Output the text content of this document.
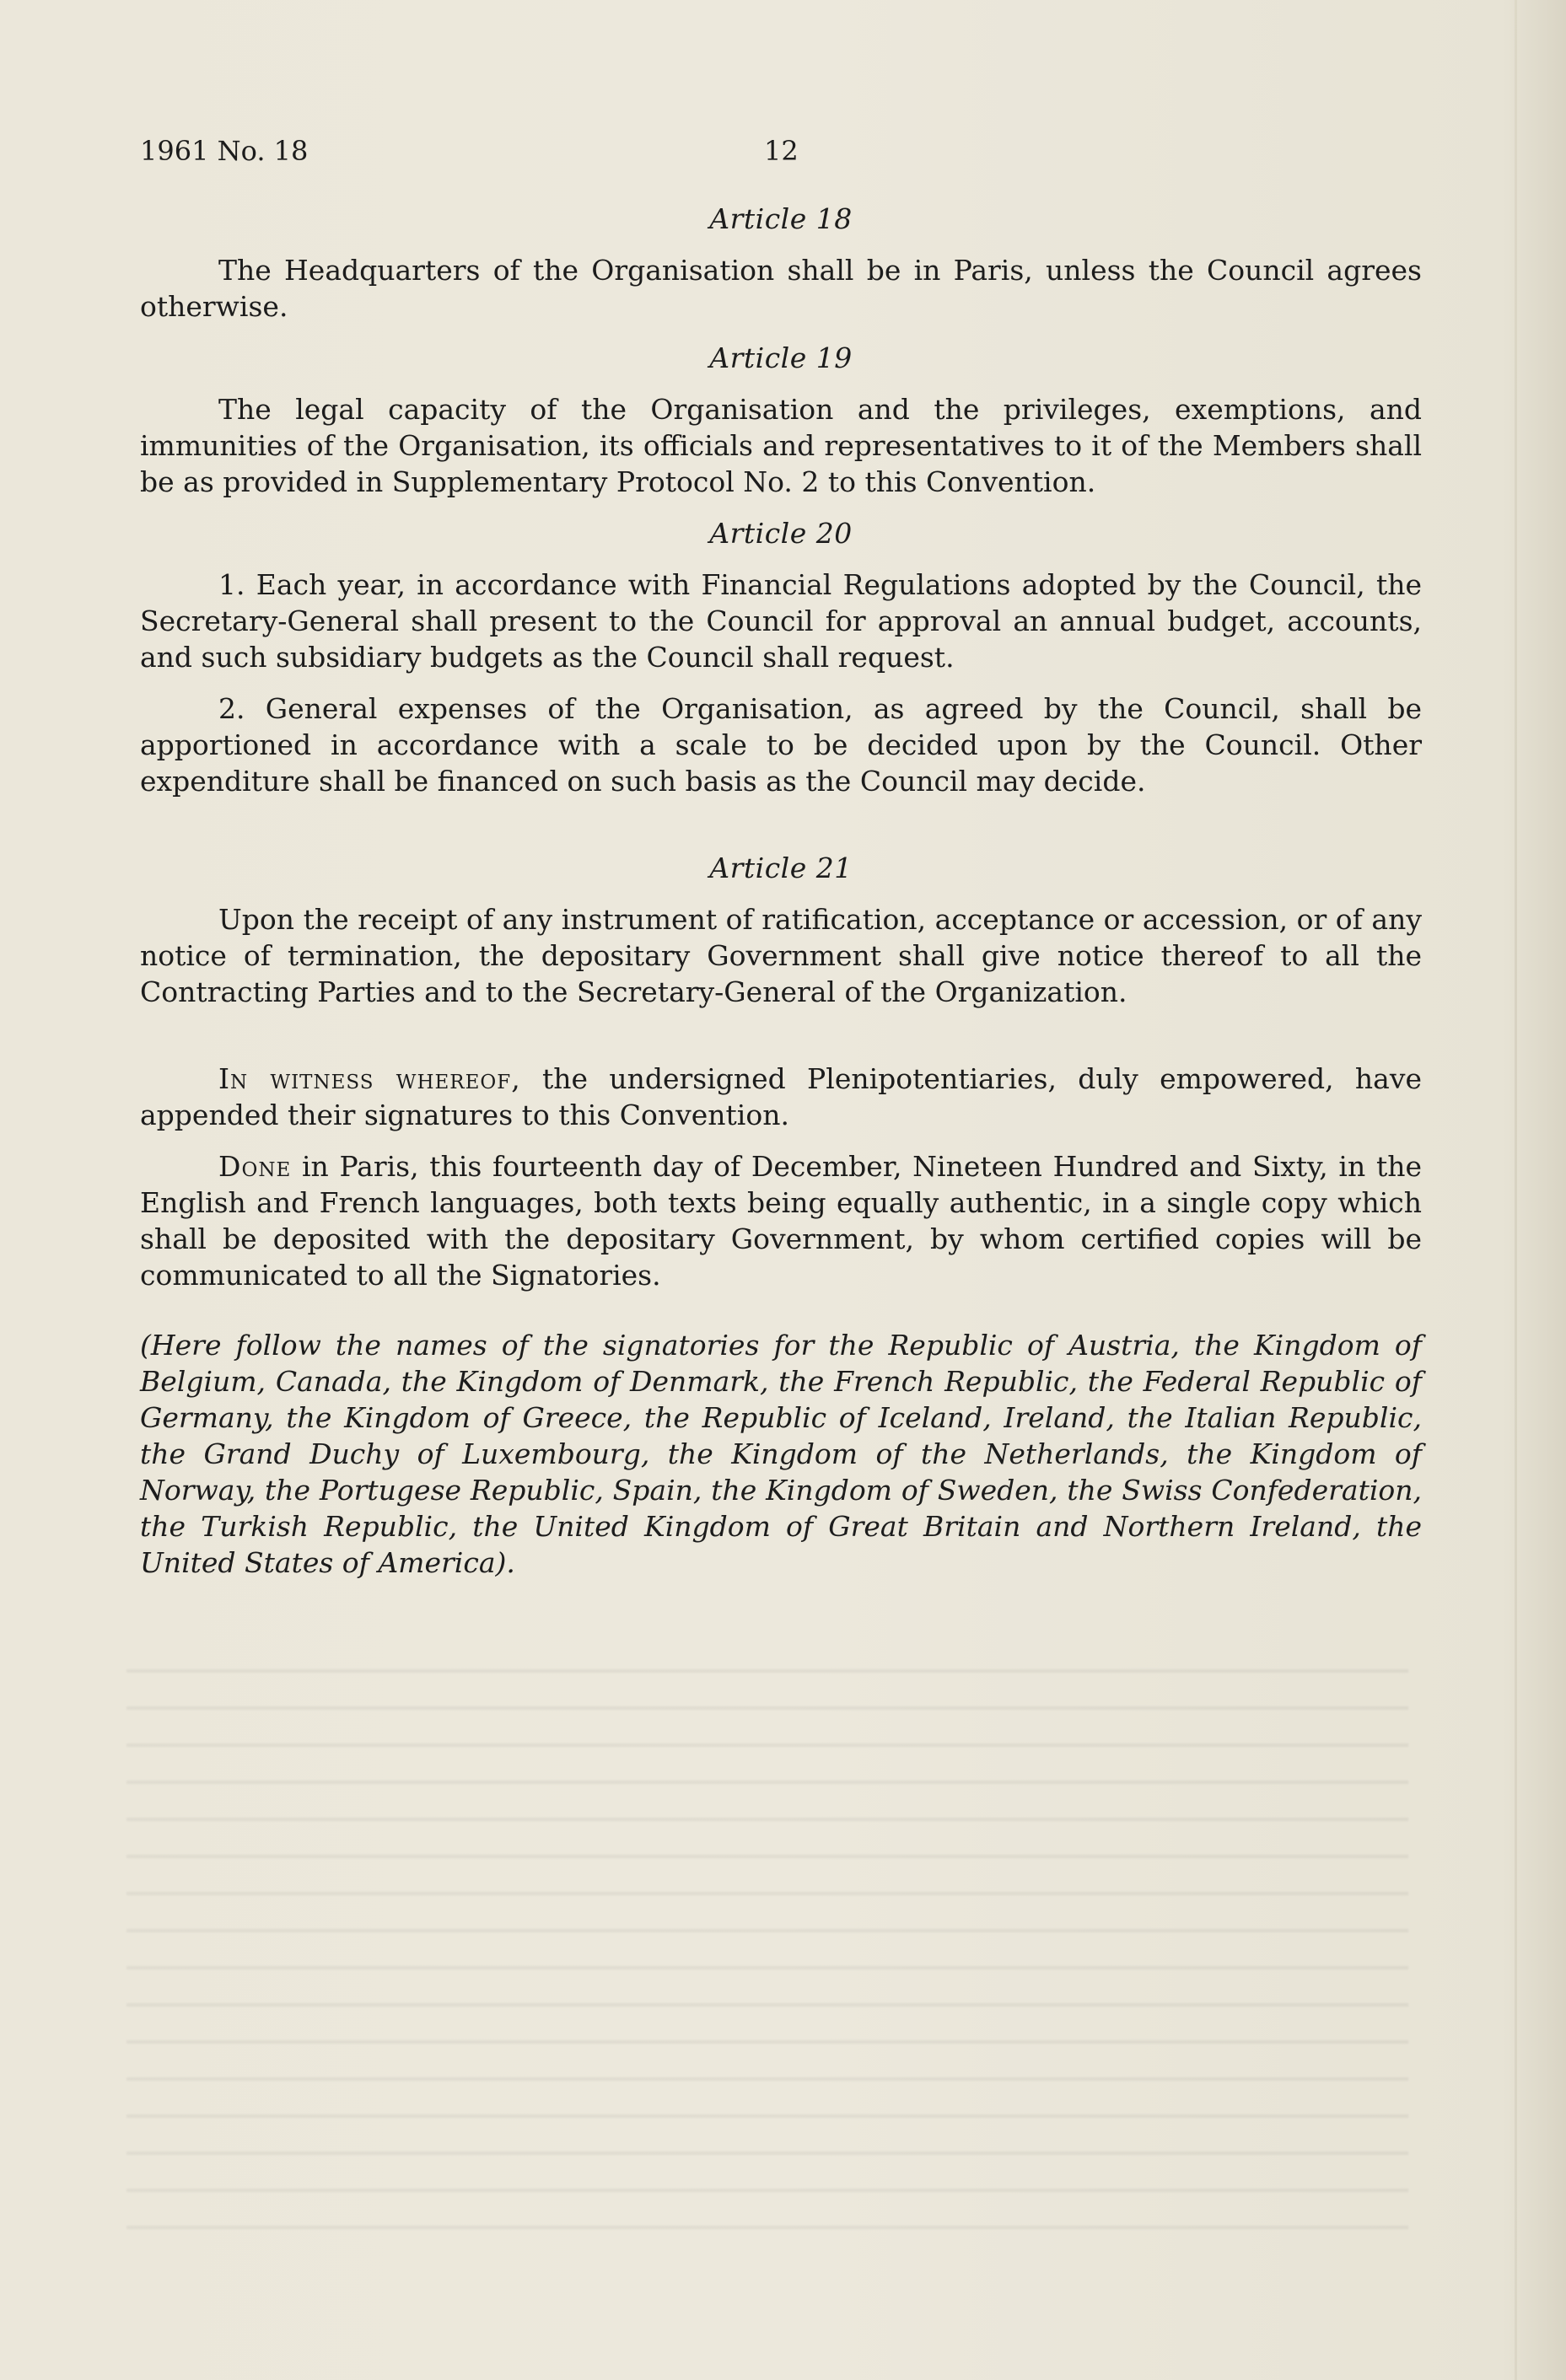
1961 No. 18	12
Article 18

The Headquarters of the Organisation shall be in Paris, unless the Council agrees otherwise.

Article 19

The legal capacity of the Organisation and the privileges, exemptions, and immunities of the Organisation, its officials and representatives to it of the Members shall be as provided in Supplementary Protocol No. 2 to this Convention.

Article 20

1. Each year, in accordance with Financial Regulations adopted by the Council, the Secretary-General shall present to the Council for approval an annual budget, accounts, and such subsidiary budgets as the Council shall request.

2. General expenses of the Organisation, as agreed by the Council, shall be apportioned in accordance with a scale to be decided upon by the Council. Other expenditure shall be financed on such basis as the Council may decide.

Article 21

Upon the receipt of any instrument of ratification, acceptance or accession, or of any notice of termination, the depositary Government shall give notice thereof to all the Contracting Parties and to the Secretary-General of the Organization.

In witness whereof, the undersigned Plenipotentiaries, duly empowered, have appended their signatures to this Convention.

Done in Paris, this fourteenth day of December, Nineteen Hundred and Sixty, in the English and French languages, both texts being equally authentic, in a single copy which shall be deposited with the depositary Government, by whom certified copies will be communicated to all the Signatories.

(Here follow the names of the signatories for the Republic of Austria, the Kingdom of Belgium, Canada, the Kingdom of Denmark, the French Republic, the Federal Republic of Germany, the Kingdom of Greece, the Republic of Iceland, Ireland, the Italian Republic, the Grand Duchy of Luxembourg, the Kingdom of the Netherlands, the Kingdom of Norway, the Portugese Republic, Spain, the Kingdom of Sweden, the Swiss Confederation, the Turkish Republic, the United Kingdom of Great Britain and Northern Ireland, the United States of America).
